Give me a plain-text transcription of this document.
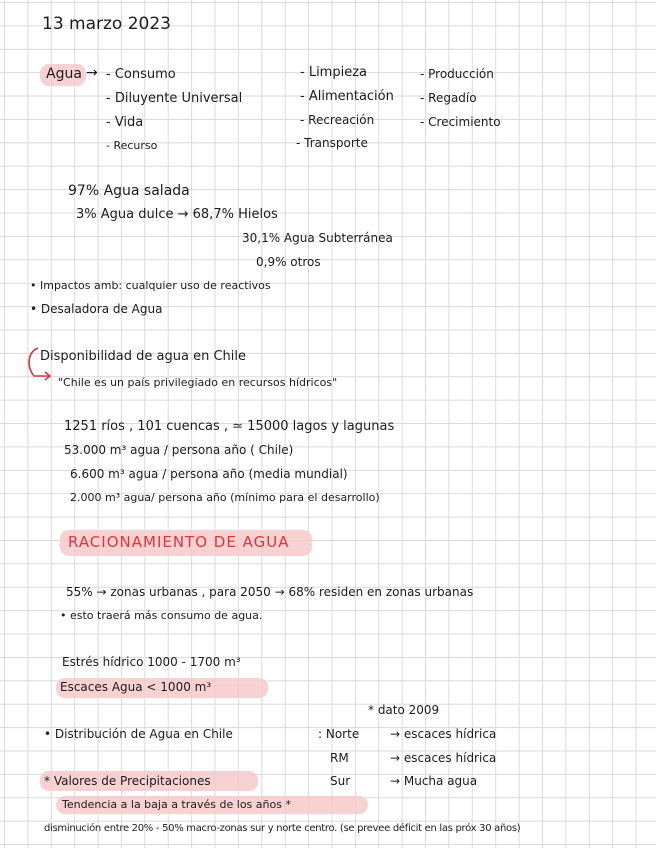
13 marzo 2023
Agua → - Consumo
- Diluyente Universal
- Vida
- Recurso
- Limpieza
- Alimentación
- Recreación
- Transporte
- Producción
- Regadío
- Crecimiento
97% Agua salada
3% Agua dulce → 68,7% Hielos
30,1% Agua Subterránea
0,9% otros
• Impactos amb: cualquier uso de reactivos
• Desaladora de Agua
Disponibilidad de agua en Chile
"Chile es un país privilegiado en recursos hídricos"
1251 ríos , 101 cuencas , ≃ 15000 lagos y lagunas
53.000 m³ agua / persona año ( Chile)
6.600 m³ agua / persona año (media mundial)
2.000 m³ agua/ persona año (mínimo para el desarrollo)
RACIONAMIENTO DE AGUA
55% → zonas urbanas , para 2050 → 68% residen en zonas urbanas
• esto traerá más consumo de agua.
Estrés hídrico 1000 - 1700 m³
Escaces Agua < 1000 m³
* dato 2009
• Distribución de Agua en Chile	: Norte	→ escaces hídrica
RM	→ escaces hídrica
Sur	→ Mucha agua
* Valores de Precipitaciones
Tendencia a la baja a través de los años *
disminución entre 20% - 50% macro-zonas sur y norte centro. (se prevee déficit en las próx 30 años)
